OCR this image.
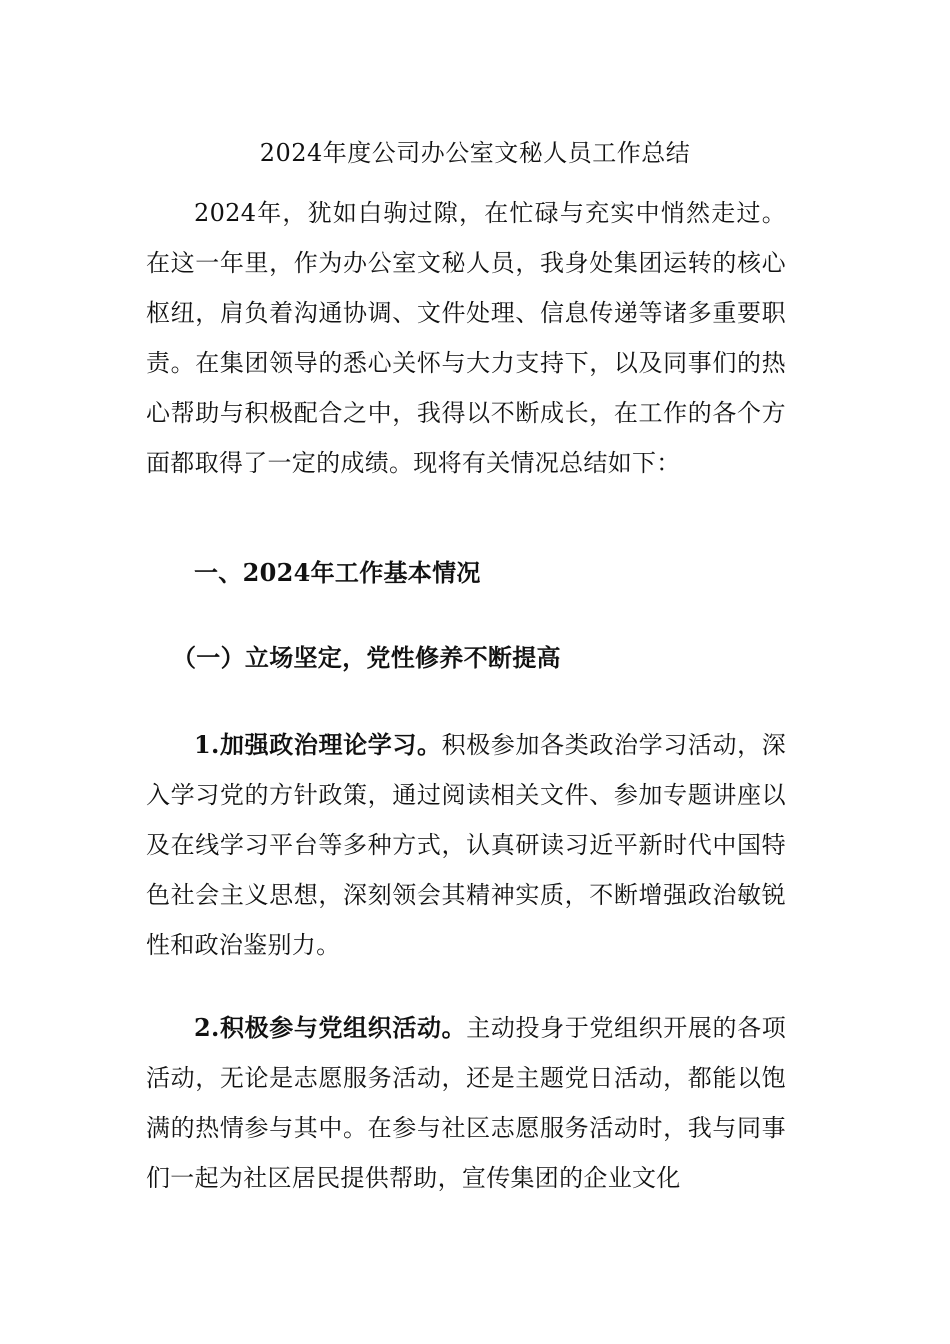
2024年度公司办公室文秘人员工作总结
2024年，犹如白驹过隙，在忙碌与充实中悄然走过。在这一年里，作为办公室文秘人员，我身处集团运转的核心枢纽，肩负着沟通协调、文件处理、信息传递等诸多重要职责。在集团领导的悉心关怀与大力支持下，以及同事们的热心帮助与积极配合之中，我得以不断成长，在工作的各个方面都取得了一定的成绩。现将有关情况总结如下：
一、2024年工作基本情况
（一）立场坚定，党性修养不断提高
1.加强政治理论学习。积极参加各类政治学习活动，深入学习党的方针政策，通过阅读相关文件、参加专题讲座以及在线学习平台等多种方式，认真研读习近平新时代中国特色社会主义思想，深刻领会其精神实质，不断增强政治敏锐性和政治鉴别力。
2.积极参与党组织活动。主动投身于党组织开展的各项活动，无论是志愿服务活动，还是主题党日活动，都能以饱满的热情参与其中。在参与社区志愿服务活动时，我与同事们一起为社区居民提供帮助，宣传集团的企业文化
